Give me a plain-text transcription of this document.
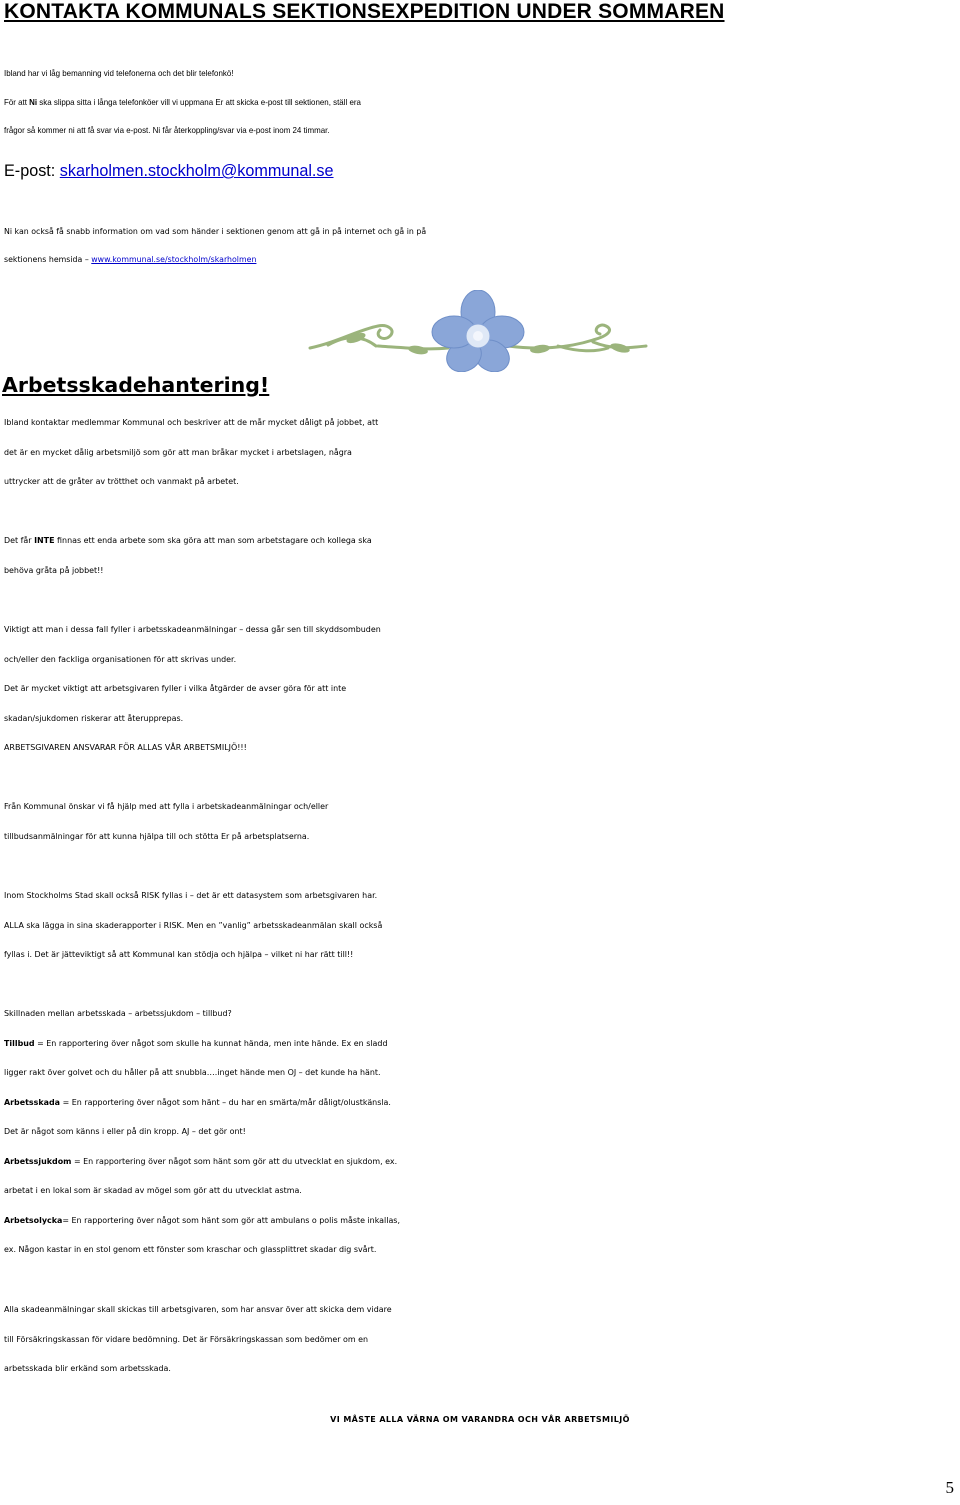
KONTAKTA KOMMUNALS SEKTIONSEXPEDITION UNDER SOMMAREN
Ibland har vi låg bemanning vid telefonerna och det blir telefonkö!
För att Ni ska slippa sitta i långa telefonköer vill vi uppmana Er att skicka e-post till sektionen, ställ era
frågor så kommer ni att få svar via e-post. Ni får återkoppling/svar via e-post inom 24 timmar.
E-post: skarholmen.stockholm@kommunal.se
Ni kan också få snabb information om vad som händer i sektionen genom att gå in på internet och gå in på
sektionens hemsida – www.kommunal.se/stockholm/skarholmen
Arbetsskadehantering!
Ibland kontaktar medlemmar Kommunal och beskriver att de mår mycket dåligt på jobbet, att
det är en mycket dålig arbetsmiljö som gör att man bråkar mycket i arbetslagen, några
uttrycker att de gråter av trötthet och vanmakt på arbetet.
Det får INTE finnas ett enda arbete som ska göra att man som arbetstagare och kollega ska
behöva gråta på jobbet!!
Viktigt att man i dessa fall fyller i arbetsskadeanmälningar – dessa går sen till skyddsombuden
och/eller den fackliga organisationen för att skrivas under.
Det är mycket viktigt att arbetsgivaren fyller i vilka åtgärder de avser göra för att inte
skadan/sjukdomen riskerar att återupprepas.
ARBETSGIVAREN ANSVARAR FÖR ALLAS VÅR ARBETSMILJÖ!!!
Från Kommunal önskar vi få hjälp med att fylla i arbetskadeanmälningar och/eller
tillbudsanmälningar för att kunna hjälpa till och stötta Er på arbetsplatserna.
Inom Stockholms Stad skall också RISK fyllas i – det är ett datasystem som arbetsgivaren har.
ALLA ska lägga in sina skaderapporter i RISK. Men en ”vanlig” arbetsskadeanmälan skall också
fyllas i. Det är jätteviktigt så att Kommunal kan stödja och hjälpa – vilket ni har rätt till!!
Skillnaden mellan arbetsskada – arbetssjukdom – tillbud?
Tillbud = En rapportering över något som skulle ha kunnat hända, men inte hände. Ex en sladd
ligger rakt över golvet och du håller på att snubbla….inget hände men OJ – det kunde ha hänt.
Arbetsskada = En rapportering över något som hänt – du har en smärta/mår dåligt/olustkänsla.
Det är något som känns i eller på din kropp. AJ – det gör ont!
Arbetssjukdom = En rapportering över något som hänt som gör att du utvecklat en sjukdom, ex.
arbetat i en lokal som är skadad av mögel som gör att du utvecklat astma.
Arbetsolycka= En rapportering över något som hänt som gör att ambulans o polis måste inkallas,
ex. Någon kastar in en stol genom ett fönster som kraschar och glassplittret skadar dig svårt.
Alla skadeanmälningar skall skickas till arbetsgivaren, som har ansvar över att skicka dem vidare
till Försäkringskassan för vidare bedömning. Det är Försäkringskassan som bedömer om en
arbetsskada blir erkänd som arbetsskada.
VI MÅSTE ALLA VÄRNA OM VARANDRA OCH VÅR ARBETSMILJÖ
5
